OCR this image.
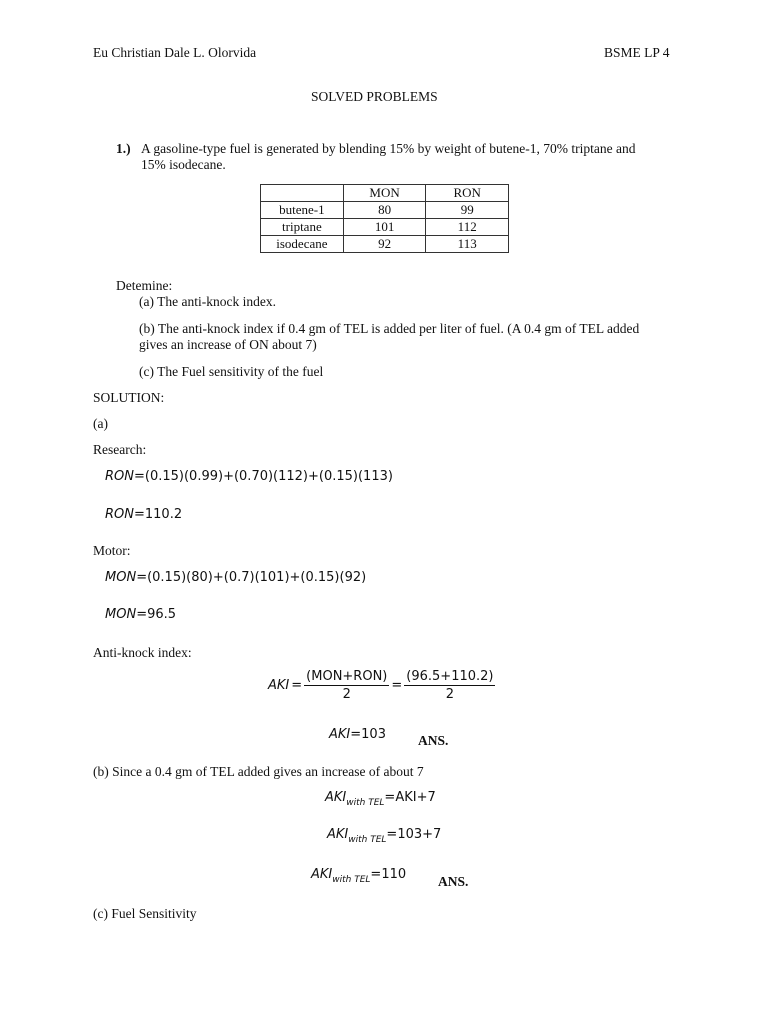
Eu Christian Dale L. Olorvida	BSME LP 4
SOLVED PROBLEMS
1.) A gasoline-type fuel is generated by blending 15% by weight of butene-1, 70% triptane and
15% isodecane.
	MON	RON
butene-1	80	99
triptane	101	112
isodecane	92	113
Detemine:
(a) The anti-knock index.
(b) The anti-knock index if 0.4 gm of TEL is added per liter of fuel. (A 0.4 gm of TEL added
gives an increase of ON about 7)
(c) The Fuel sensitivity of the fuel
SOLUTION:
(a)
Research:
RON=(0.15)(0.99)+(0.70)(112)+(0.15)(113)
RON=110.2
Motor:
MON=(0.15)(80)+(0.7)(101)+(0.15)(92)
MON=96.5
Anti-knock index:
AKI = $\frac{\text{(MON+RON)}}{2} = \frac{(96.5+110.2)}{2}$
AKI=103 ANS.
(b) Since a 0.4 gm of TEL added gives an increase of about 7
$AKI_{with TEL}=AKI+7$
$AKI_{with TEL}=103+7$
$AKI_{with TEL}=110$ ANS.
(c) Fuel Sensitivity
